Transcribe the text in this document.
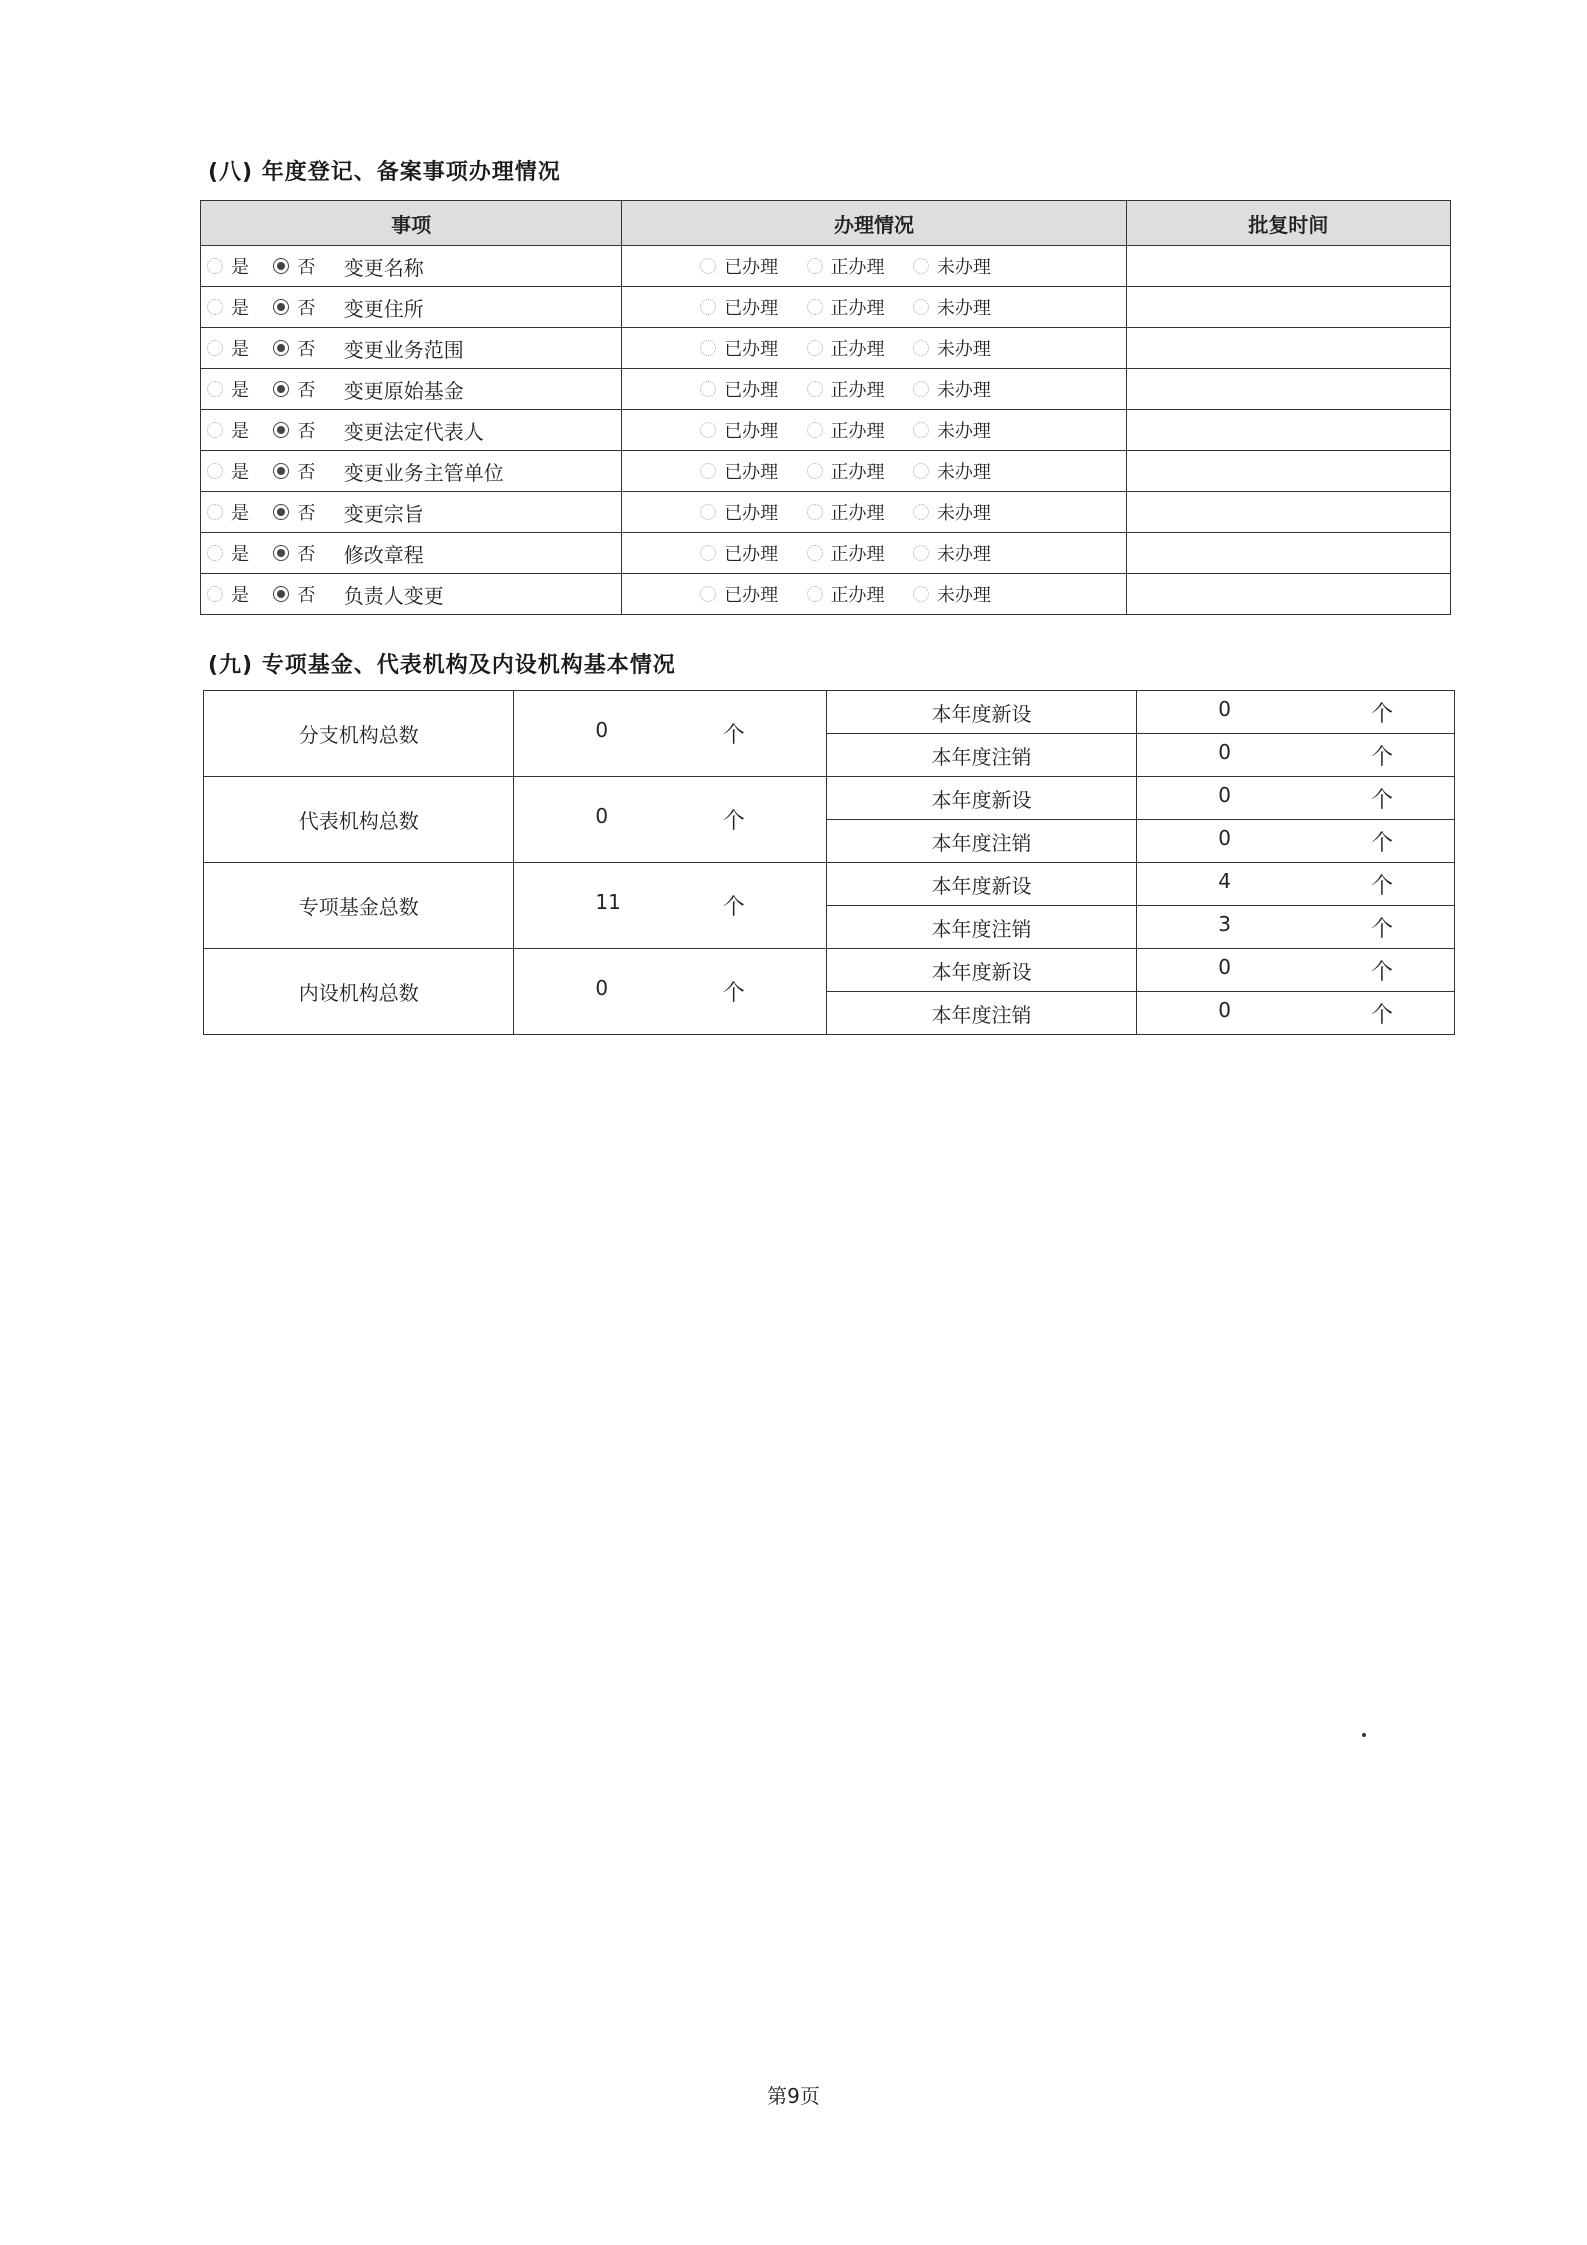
(八) 年度登记、备案事项办理情况
事项	办理情况	批复时间
是 否 变更名称	已办理 正办理 未办理	
是 否 变更住所	已办理 正办理 未办理	
是 否 变更业务范围	已办理 正办理 未办理	
是 否 变更原始基金	已办理 正办理 未办理	
是 否 变更法定代表人	已办理 正办理 未办理	
是 否 变更业务主管单位	已办理 正办理 未办理	
是 否 变更宗旨	已办理 正办理 未办理	
是 否 修改章程	已办理 正办理 未办理	
是 否 负责人变更	已办理 正办理 未办理	
(九) 专项基金、代表机构及内设机构基本情况
分支机构总数	0 个	本年度新设	0 个

		本年度注销	0 个

代表机构总数	0 个	本年度新设	0 个

		本年度注销	0 个

专项基金总数	11 个	本年度新设	4 个

		本年度注销	3 个

内设机构总数	0 个	本年度新设	0 个

		本年度注销	0 个
第9页
